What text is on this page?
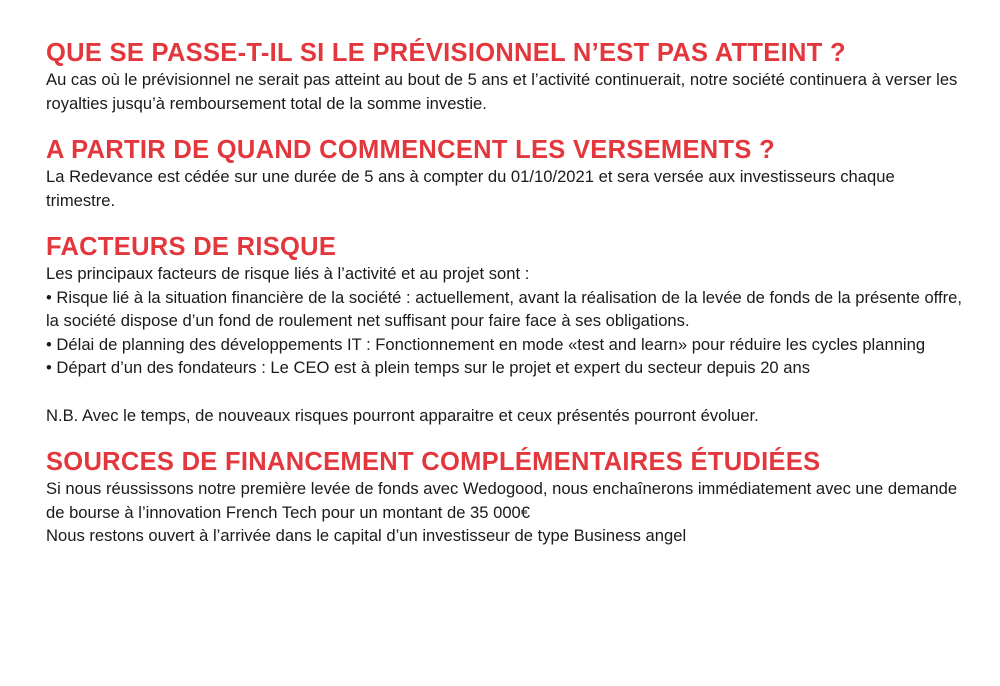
QUE SE PASSE-T-IL SI LE PRÉVISIONNEL N’EST PAS ATTEINT ?

Au cas où le prévisionnel ne serait pas atteint au bout de 5 ans et l’activité continuerait, notre société continuera à verser les royalties jusqu’à remboursement total de la somme investie.

A PARTIR DE QUAND COMMENCENT LES VERSEMENTS ?

La Redevance est cédée sur une durée de 5 ans à compter du 01/10/2021 et sera versée aux investisseurs chaque trimestre.

FACTEURS DE RISQUE

Les principaux facteurs de risque liés à l’activité et au projet sont :

• Risque lié à la situation financière de la société : actuellement, avant la réalisation de la levée de fonds de la présente offre, la société dispose d’un fond de roulement net suffisant pour faire face à ses obligations.

• Délai de planning des développements IT : Fonctionnement en mode «test and learn» pour réduire les cycles planning

• Départ d’un des fondateurs : Le CEO est à plein temps sur le projet et expert du secteur depuis 20 ans

N.B. Avec le temps, de nouveaux risques pourront apparaitre et ceux présentés pourront évoluer.

SOURCES DE FINANCEMENT COMPLÉMENTAIRES ÉTUDIÉES

Si nous réussissons notre première levée de fonds avec Wedogood, nous enchaînerons immédiatement avec une demande de bourse à l’innovation French Tech pour un montant de 35 000€

Nous restons ouvert à l’arrivée dans le capital d’un investisseur de type Business angel
